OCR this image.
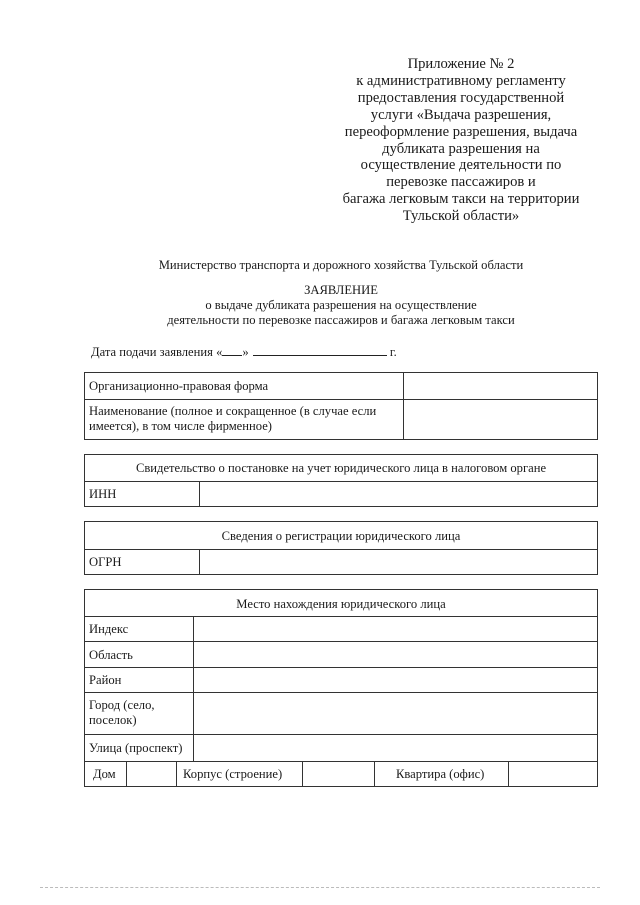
Приложение № 2
к административному регламенту
предоставления государственной
услуги «Выдача разрешения,
переоформление разрешения, выдача
дубликата разрешения на
осуществление деятельности по
перевозке пассажиров и
багажа легковым такси на территории
Тульской области»
Министерство транспорта и дорожного хозяйства Тульской области
ЗАЯВЛЕНИЕ
о выдаче дубликата разрешения на осуществление
деятельности по перевозке пассажиров и багажа легковым такси
Дата подачи заявления « »	г.
Организационно-правовая форма
Наименование (полное и сокращенное (в случае если
имеется), в том числе фирменное)
Свидетельство о постановке на учет юридического лица в налоговом органе
ИНН
Сведения о регистрации юридического лица
ОГРН
Место нахождения юридического лица
Индекс
Область
Район
Город (село,
поселок)
Улица (проспект)
Дом	Корпус (строение)	Квартира (офис)
